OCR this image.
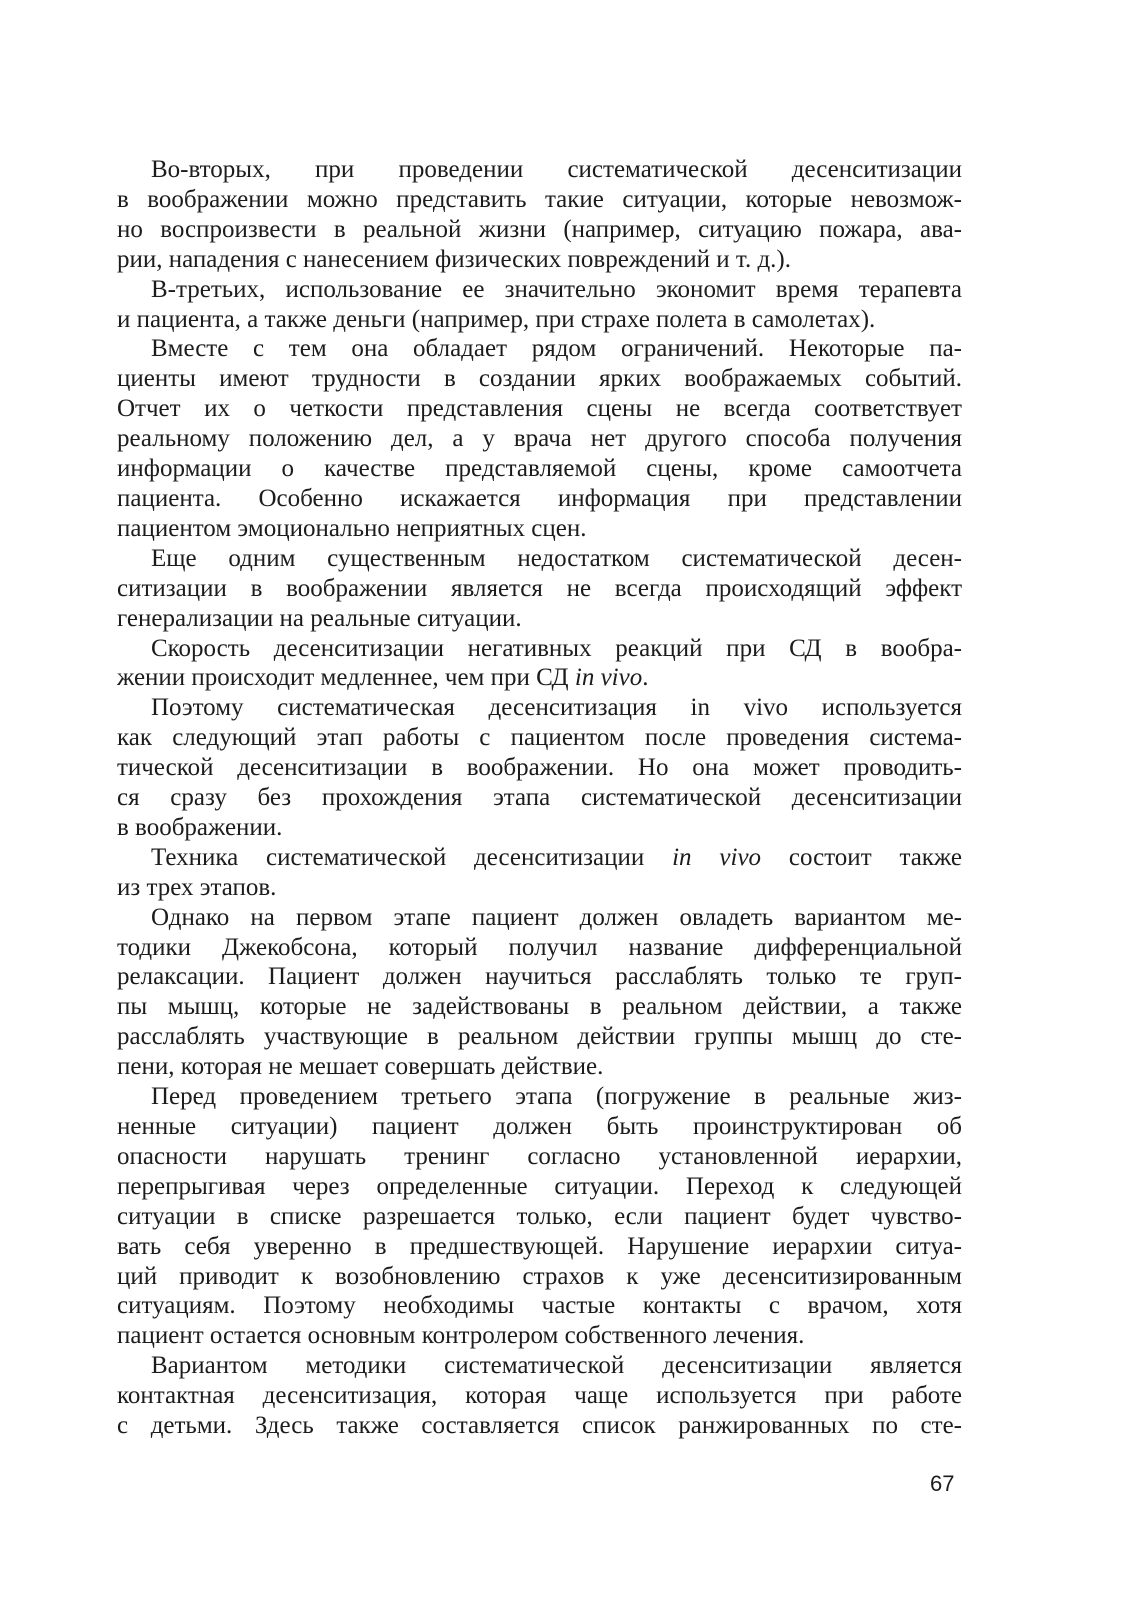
Во-вторых, при проведении систематической десенситизации
в воображении можно представить такие ситуации, которые невозмож-
но воспроизвести в реальной жизни (например, ситуацию пожара, ава-
рии, нападения с нанесением физических повреждений и т. д.).
В-третьих, использование ее значительно экономит время терапевта
и пациента, а также деньги (например, при страхе полета в самолетах).
Вместе с тем она обладает рядом ограничений. Некоторые па-
циенты имеют трудности в создании ярких воображаемых событий.
Отчет их о четкости представления сцены не всегда соответствует
реальному положению дел, а у врача нет другого способа получения
информации о качестве представляемой сцены, кроме самоотчета
пациента. Особенно искажается информация при представлении
пациентом эмоционально неприятных сцен.
Еще одним существенным недостатком систематической десен-
ситизации в воображении является не всегда происходящий эффект
генерализации на реальные ситуации.
Скорость десенситизации негативных реакций при СД в вообра-
жении происходит медленнее, чем при СД in vivo.
Поэтому систематическая десенситизация in vivo используется
как следующий этап работы с пациентом после проведения система-
тической десенситизации в воображении. Но она может проводить-
ся сразу без прохождения этапа систематической десенситизации
в воображении.
Техника систематической десенситизации in vivo состоит также
из трех этапов.
Однако на первом этапе пациент должен овладеть вариантом ме-
тодики Джекобсона, который получил название дифференциальной
релаксации. Пациент должен научиться расслаблять только те груп-
пы мышц, которые не задействованы в реальном действии, а также
расслаблять участвующие в реальном действии группы мышц до сте-
пени, которая не мешает совершать действие.
Перед проведением третьего этапа (погружение в реальные жиз-
ненные ситуации) пациент должен быть проинструктирован об
опасности нарушать тренинг согласно установленной иерархии,
перепрыгивая через определенные ситуации. Переход к следующей
ситуации в списке разрешается только, если пациент будет чувство-
вать себя уверенно в предшествующей. Нарушение иерархии ситуа-
ций приводит к возобновлению страхов к уже десенситизированным
ситуациям. Поэтому необходимы частые контакты с врачом, хотя
пациент остается основным контролером собственного лечения.
Вариантом методики систематической десенситизации является
контактная десенситизация, которая чаще используется при работе
с детьми. Здесь также составляется список ранжированных по сте-
67
